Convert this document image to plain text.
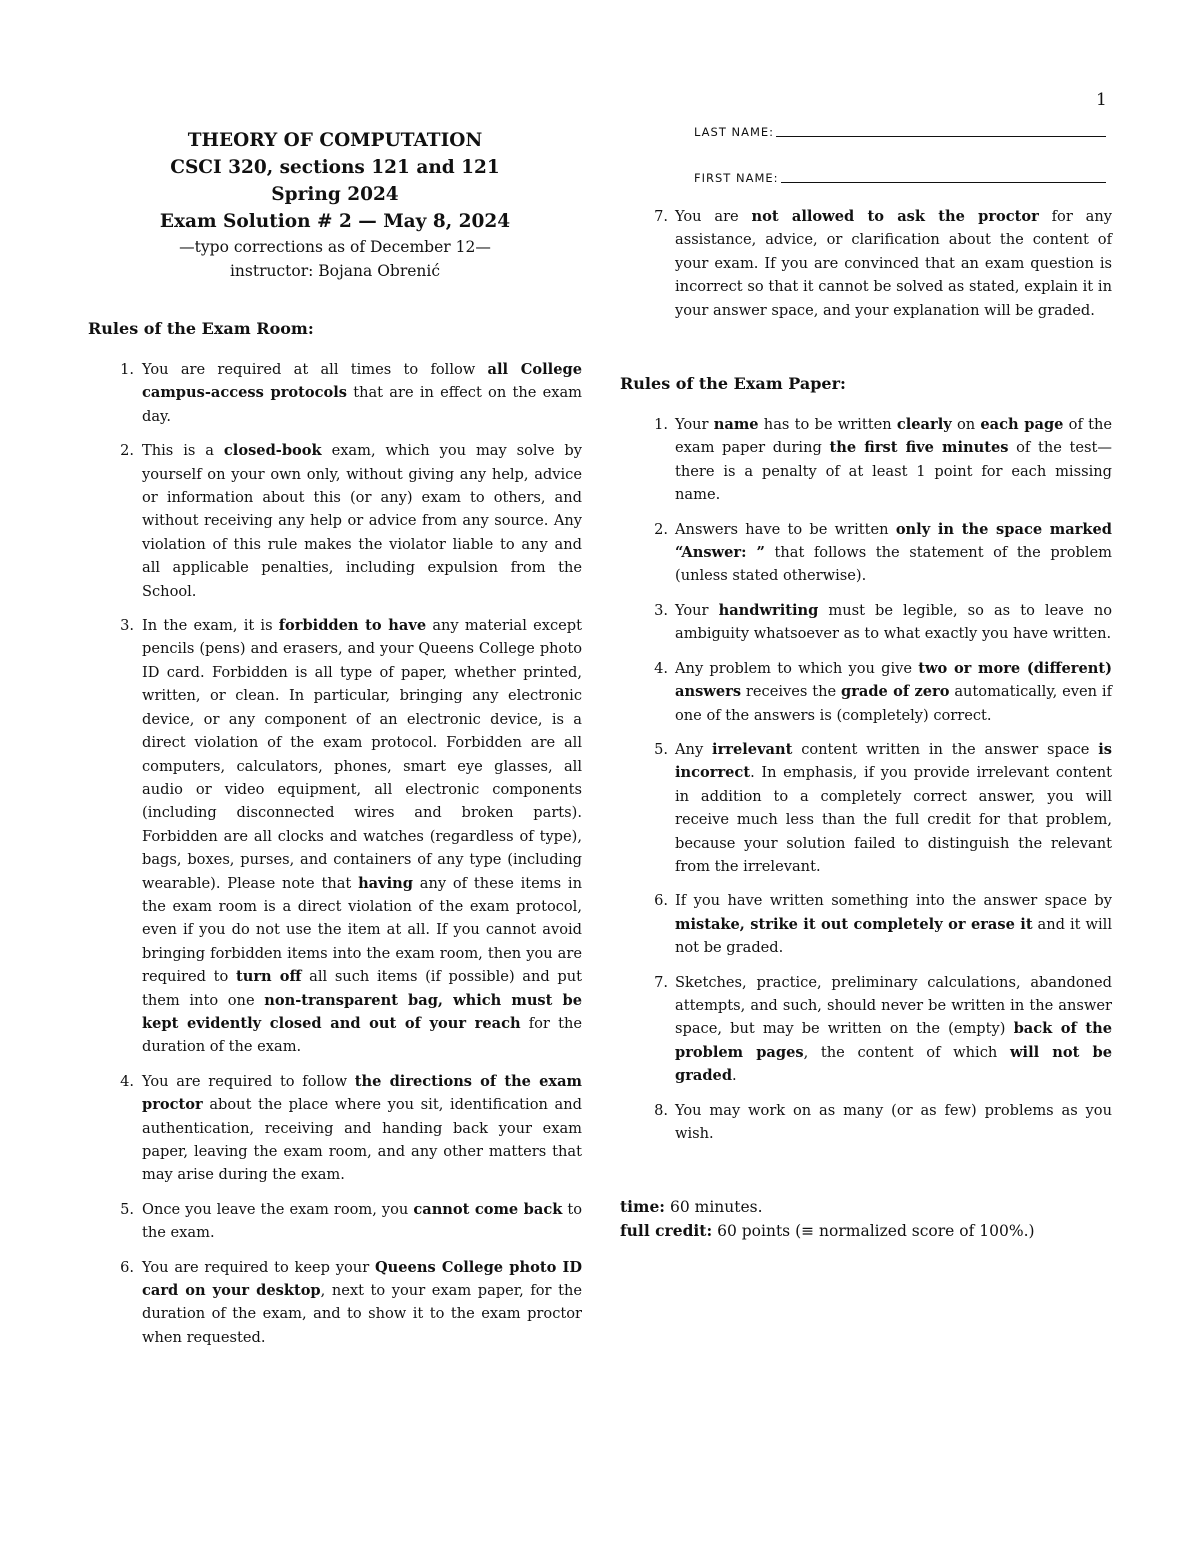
1
THEORY OF COMPUTATION
CSCI 320, sections 121 and 121
Spring 2024
Exam Solution # 2 — May 8, 2024
—typo corrections as of December 12—
instructor: Bojana Obrenić
Rules of the Exam Room:
1. You are required at all times to follow all College campus-access protocols that are in effect on the exam day.
2. This is a closed-book exam, which you may solve by yourself on your own only, without giving any help, advice or information about this (or any) exam to others, and without receiving any help or advice from any source. Any violation of this rule makes the violator liable to any and all applicable penalties, including expulsion from the School.
3. In the exam, it is forbidden to have any material except pencils (pens) and erasers, and your Queens College photo ID card. Forbidden is all type of paper, whether printed, written, or clean. In particular, bringing any electronic device, or any component of an electronic device, is a direct violation of the exam protocol. Forbidden are all computers, calculators, phones, smart eye glasses, all audio or video equipment, all electronic components (including disconnected wires and broken parts). Forbidden are all clocks and watches (regardless of type), bags, boxes, purses, and containers of any type (including wearable). Please note that having any of these items in the exam room is a direct violation of the exam protocol, even if you do not use the item at all. If you cannot avoid bringing forbidden items into the exam room, then you are required to turn off all such items (if possible) and put them into one non-transparent bag, which must be kept evidently closed and out of your reach for the duration of the exam.
4. You are required to follow the directions of the exam proctor about the place where you sit, identification and authentication, receiving and handing back your exam paper, leaving the exam room, and any other matters that may arise during the exam.
5. Once you leave the exam room, you cannot come back to the exam.
6. You are required to keep your Queens College photo ID card on your desktop, next to your exam paper, for the duration of the exam, and to show it to the exam proctor when requested.
LAST NAME:
FIRST NAME:
7. You are not allowed to ask the proctor for any assistance, advice, or clarification about the content of your exam. If you are convinced that an exam question is incorrect so that it cannot be solved as stated, explain it in your answer space, and your explanation will be graded.
Rules of the Exam Paper:
1. Your name has to be written clearly on each page of the exam paper during the first five minutes of the test—there is a penalty of at least 1 point for each missing name.
2. Answers have to be written only in the space marked “Answer: ” that follows the statement of the problem (unless stated otherwise).
3. Your handwriting must be legible, so as to leave no ambiguity whatsoever as to what exactly you have written.
4. Any problem to which you give two or more (different) answers receives the grade of zero automatically, even if one of the answers is (completely) correct.
5. Any irrelevant content written in the answer space is incorrect. In emphasis, if you provide irrelevant content in addition to a completely correct answer, you will receive much less than the full credit for that problem, because your solution failed to distinguish the relevant from the irrelevant.
6. If you have written something into the answer space by mistake, strike it out completely or erase it and it will not be graded.
7. Sketches, practice, preliminary calculations, abandoned attempts, and such, should never be written in the answer space, but may be written on the (empty) back of the problem pages, the content of which will not be graded.
8. You may work on as many (or as few) problems as you wish.
time: 60 minutes.
full credit: 60 points (≡ normalized score of 100%.)
